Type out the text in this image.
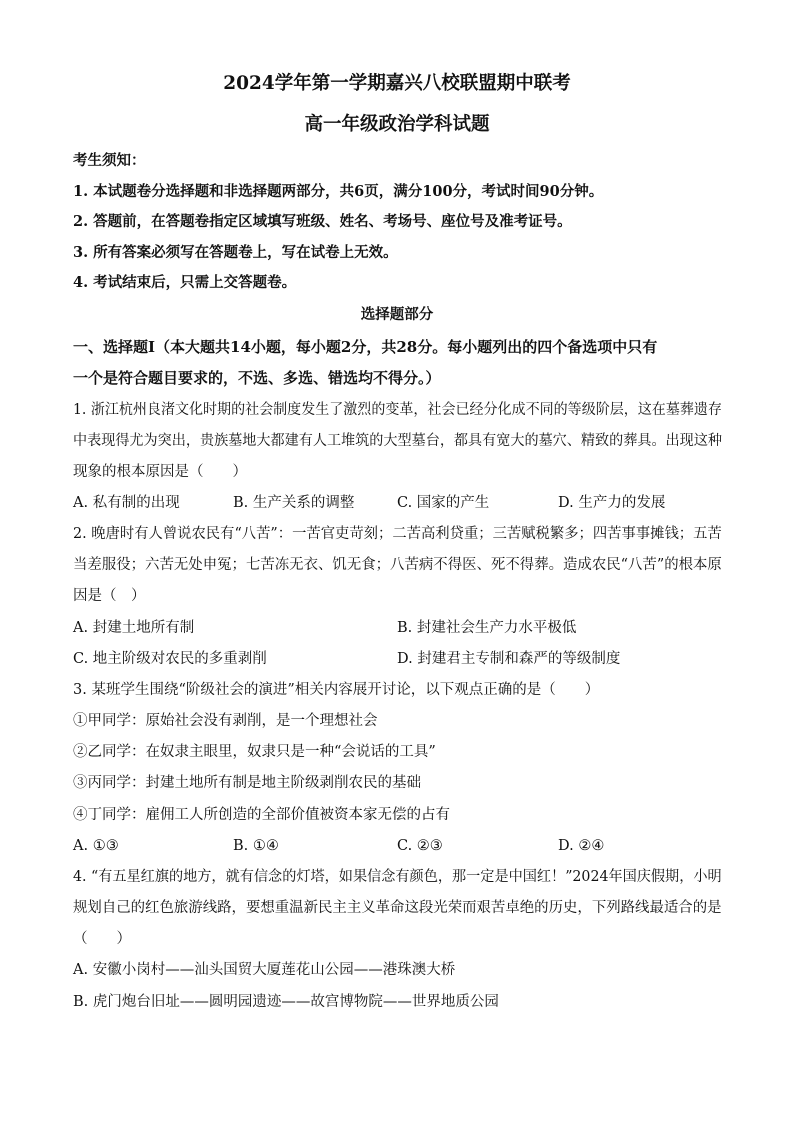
2024学年第一学期嘉兴八校联盟期中联考
高一年级政治学科试题
考生须知：
1. 本试题卷分选择题和非选择题两部分，共6页，满分100分，考试时间90分钟。
2. 答题前，在答题卷指定区域填写班级、姓名、考场号、座位号及准考证号。
3. 所有答案必须写在答题卷上，写在试卷上无效。
4. 考试结束后，只需上交答题卷。
选择题部分
一、选择题Ⅰ（本大题共14小题，每小题2分，共28分。每小题列出的四个备选项中只有
一个是符合题目要求的，不选、多选、错选均不得分。）
1. 浙江杭州良渚文化时期的社会制度发生了激烈的变革，社会已经分化成不同的等级阶层，这在墓葬遗存
中表现得尤为突出，贵族墓地大都建有人工堆筑的大型墓台，都具有宽大的墓穴、精致的葬具。出现这种
现象的根本原因是（　　）
A. 私有制的出现	B. 生产关系的调整	C. 国家的产生	D. 生产力的发展
2. 晚唐时有人曾说农民有“八苦”：一苦官吏苛刻；二苦高利贷重；三苦赋税繁多；四苦事事摊钱；五苦
当差服役；六苦无处申冤；七苦冻无衣、饥无食；八苦病不得医、死不得葬。造成农民“八苦”的根本原
因是（　）
A. 封建土地所有制	B. 封建社会生产力水平极低
C. 地主阶级对农民的多重剥削	D. 封建君主专制和森严的等级制度
3. 某班学生围绕“阶级社会的演进”相关内容展开讨论，以下观点正确的是（　　）
①甲同学：原始社会没有剥削，是一个理想社会
②乙同学：在奴隶主眼里，奴隶只是一种“会说话的工具”
③丙同学：封建土地所有制是地主阶级剥削农民的基础
④丁同学：雇佣工人所创造的全部价值被资本家无偿的占有
A. ①③	B. ①④	C. ②③	D. ②④
4. “有五星红旗的地方，就有信念的灯塔，如果信念有颜色，那一定是中国红！”2024年国庆假期，小明
规划自己的红色旅游线路，要想重温新民主主义革命这段光荣而艰苦卓绝的历史，下列路线最适合的是
（　　）
A. 安徽小岗村——汕头国贸大厦莲花山公园——港珠澳大桥
B. 虎门炮台旧址——圆明园遗迹——故宫博物院——世界地质公园
